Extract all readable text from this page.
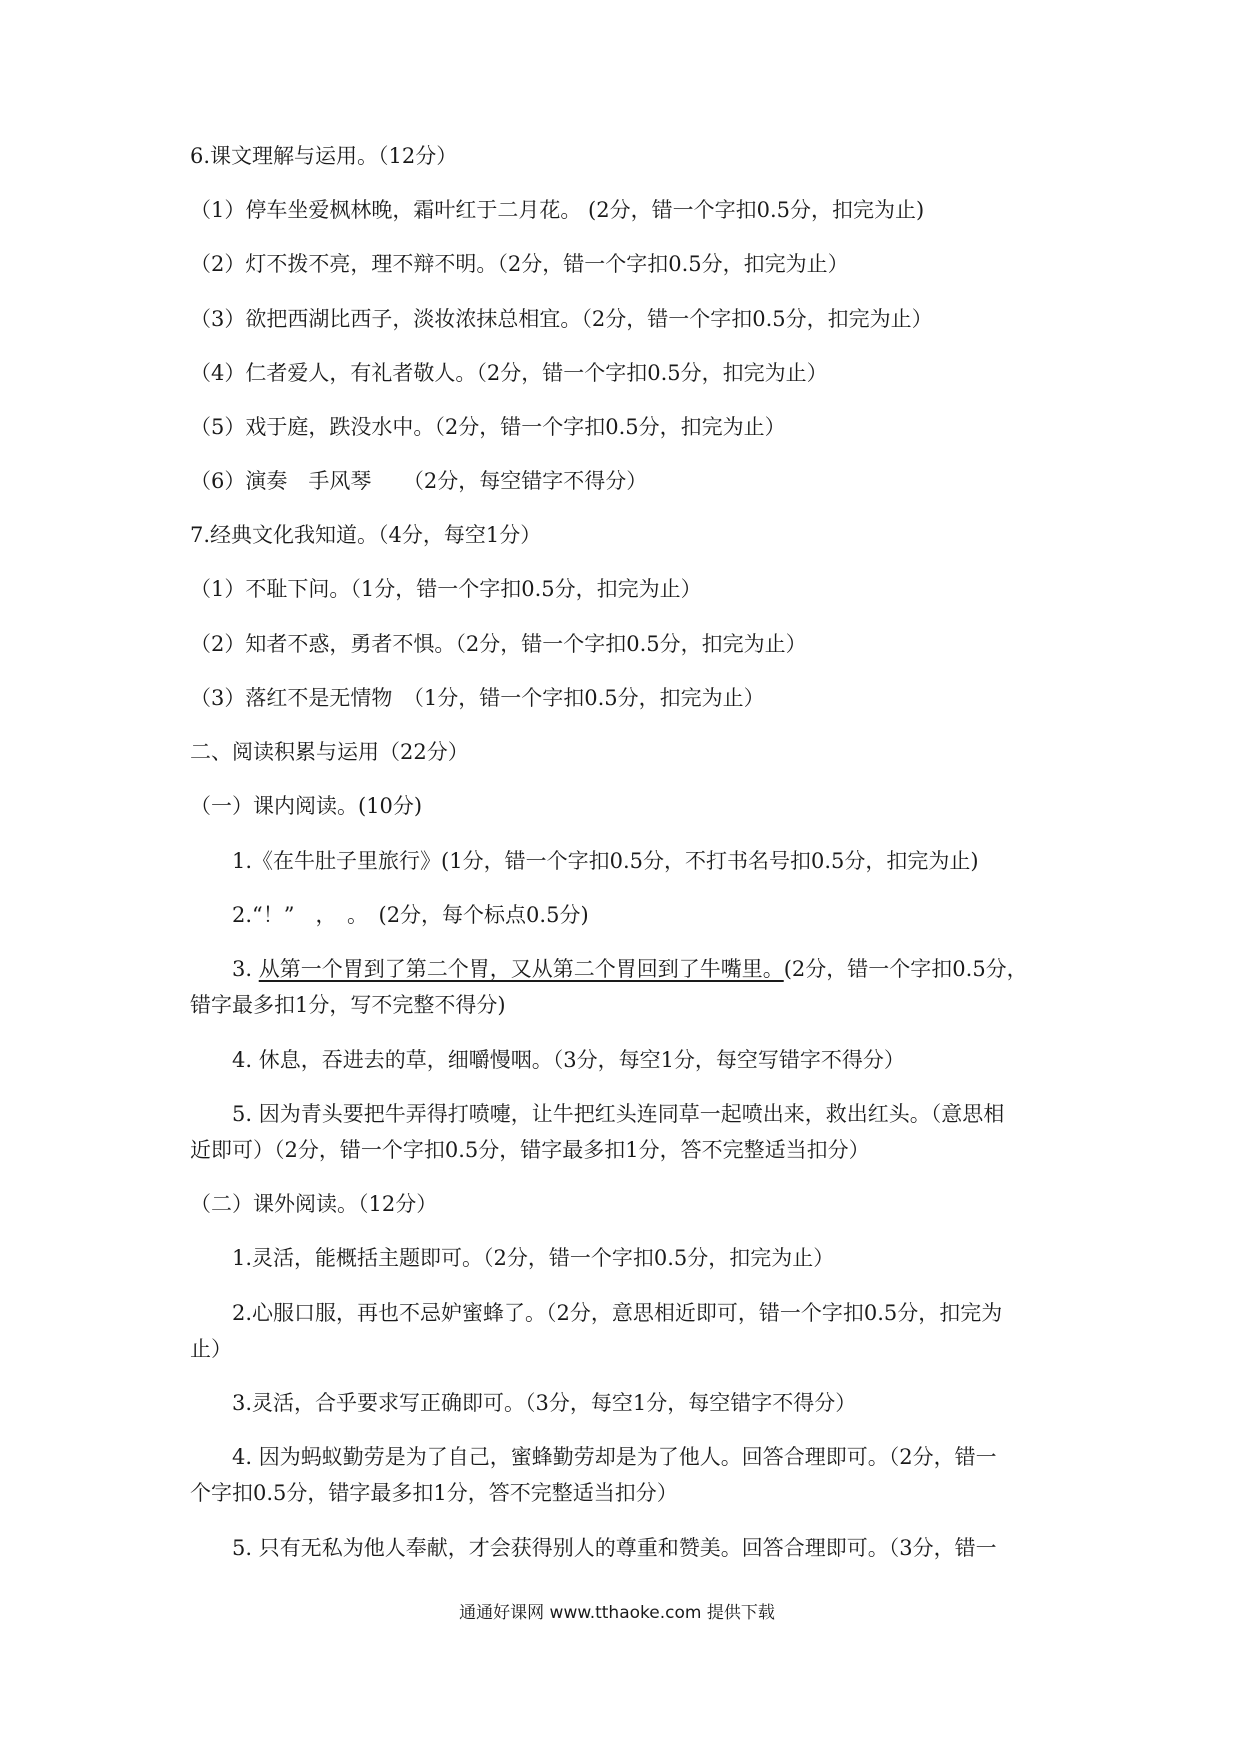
6.课文理解与运用。（12分）
（1）停车坐爱枫林晚，霜叶红于二月花。 (2分，错一个字扣0.5分，扣完为止)
（2）灯不拨不亮，理不辩不明。（2分，错一个字扣0.5分，扣完为止）
（3）欲把西湖比西子，淡妆浓抹总相宜。（2分，错一个字扣0.5分，扣完为止）
（4）仁者爱人，有礼者敬人。（2分，错一个字扣0.5分，扣完为止）
（5）戏于庭，跌没水中。（2分，错一个字扣0.5分，扣完为止）
（6）演奏　手风琴　　（2分，每空错字不得分）
7.经典文化我知道。（4分，每空1分）
（1）不耻下问。（1分，错一个字扣0.5分，扣完为止）
（2）知者不惑，勇者不惧。（2分，错一个字扣0.5分，扣完为止）
（3）落红不是无情物　（1分，错一个字扣0.5分，扣完为止）
二、阅读积累与运用（22分）
（一）课内阅读。(10分)
1.《在牛肚子里旅行》(1分，错一个字扣0.5分，不打书名号扣0.5分，扣完为止)
2.“！”　，　。　(2分，每个标点0.5分)
3. 从第一个胃到了第二个胃，又从第二个胃回到了牛嘴里。(2分，错一个字扣0.5分，
错字最多扣1分，写不完整不得分)
4. 休息，吞进去的草，细嚼慢咽。（3分，每空1分，每空写错字不得分）
5. 因为青头要把牛弄得打喷嚏，让牛把红头连同草一起喷出来，救出红头。（意思相
近即可）（2分，错一个字扣0.5分，错字最多扣1分，答不完整适当扣分）
（二）课外阅读。（12分）
1.灵活，能概括主题即可。（2分，错一个字扣0.5分，扣完为止）
2.心服口服，再也不忌妒蜜蜂了。（2分，意思相近即可，错一个字扣0.5分，扣完为
止）
3.灵活，合乎要求写正确即可。（3分，每空1分，每空错字不得分）
4. 因为蚂蚁勤劳是为了自己，蜜蜂勤劳却是为了他人。回答合理即可。（2分，错一
个字扣0.5分，错字最多扣1分，答不完整适当扣分）
5. 只有无私为他人奉献，才会获得别人的尊重和赞美。回答合理即可。（3分，错一
通通好课网 www.tthaoke.com 提供下载
